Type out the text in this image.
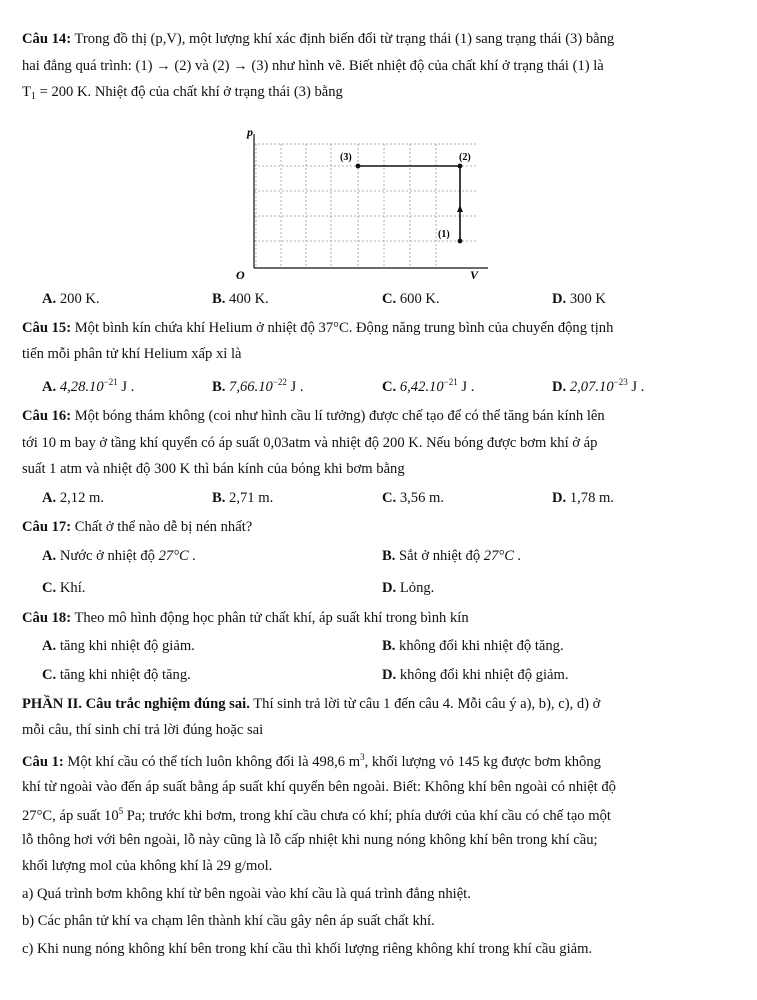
Câu 14: Trong đồ thị (p,V), một lượng khí xác định biến đổi từ trạng thái (1) sang trạng thái (3) bằng
hai đẳng quá trình: (1) → (2) và (2) → (3) như hình vẽ. Biết nhiệt độ của chất khí ở trạng thái (1) là
$T_1 = 200$ K. Nhiệt độ của chất khí ở trạng thái (3) bằng
p
V
O
(1)
(2)
(3)
A. 200 K.	B. 400 K.	C. 600 K.	D. 300 K
Câu 15: Một bình kín chứa khí Helium ở nhiệt độ 37°C. Động năng trung bình của chuyển động tịnh
tiến mỗi phân tử khí Helium xấp xỉ là
A. $4,28.10^{-21}$ J .	B. $7,66.10^{-22}$ J .	C. $6,42.10^{-21}$ J .	D. $2,07.10^{-23}$ J .
Câu 16: Một bóng thám không (coi như hình cầu lí tưởng) được chế tạo để có thể tăng bán kính lên
tới 10 m bay ở tầng khí quyển có áp suất 0,03atm và nhiệt độ 200 K. Nếu bóng được bơm khí ở áp
suất 1 atm và nhiệt độ 300 K thì bán kính của bóng khi bơm bằng
A. 2,12 m.	B. 2,71 m.	C. 3,56 m.	D. 1,78 m.
Câu 17: Chất ở thể nào dễ bị nén nhất?
A. Nước ở nhiệt độ 27°C .	B. Sắt ở nhiệt độ 27°C .
C. Khí.	D. Lỏng.
Câu 18: Theo mô hình động học phân tử chất khí, áp suất khí trong bình kín
A. tăng khi nhiệt độ giảm.	B. không đổi khi nhiệt độ tăng.
C. tăng khi nhiệt độ tăng.	D. không đổi khi nhiệt độ giảm.
PHẦN II. Câu trắc nghiệm đúng sai. Thí sinh trả lời từ câu 1 đến câu 4. Mỗi câu ý a), b), c), d) ở
mỗi câu, thí sinh chỉ trả lời đúng hoặc sai
Câu 1: Một khí cầu có thể tích luôn không đổi là 498,6 $m^3$, khối lượng vỏ 145 kg được bơm không
khí từ ngoài vào đến áp suất bằng áp suất khí quyển bên ngoài. Biết: Không khí bên ngoài có nhiệt độ
27°C, áp suất $10^5$ Pa; trước khi bơm, trong khí cầu chưa có khí; phía dưới của khí cầu có chế tạo một
lỗ thông hơi với bên ngoài, lỗ này cũng là lỗ cấp nhiệt khi nung nóng không khí bên trong khí cầu;
khối lượng mol của không khí là 29 g/mol.
a) Quá trình bơm không khí từ bên ngoài vào khí cầu là quá trình đẳng nhiệt.
b) Các phân tử khí va chạm lên thành khí cầu gây nên áp suất chất khí.
c) Khi nung nóng không khí bên trong khí cầu thì khối lượng riêng không khí trong khí cầu giảm.
